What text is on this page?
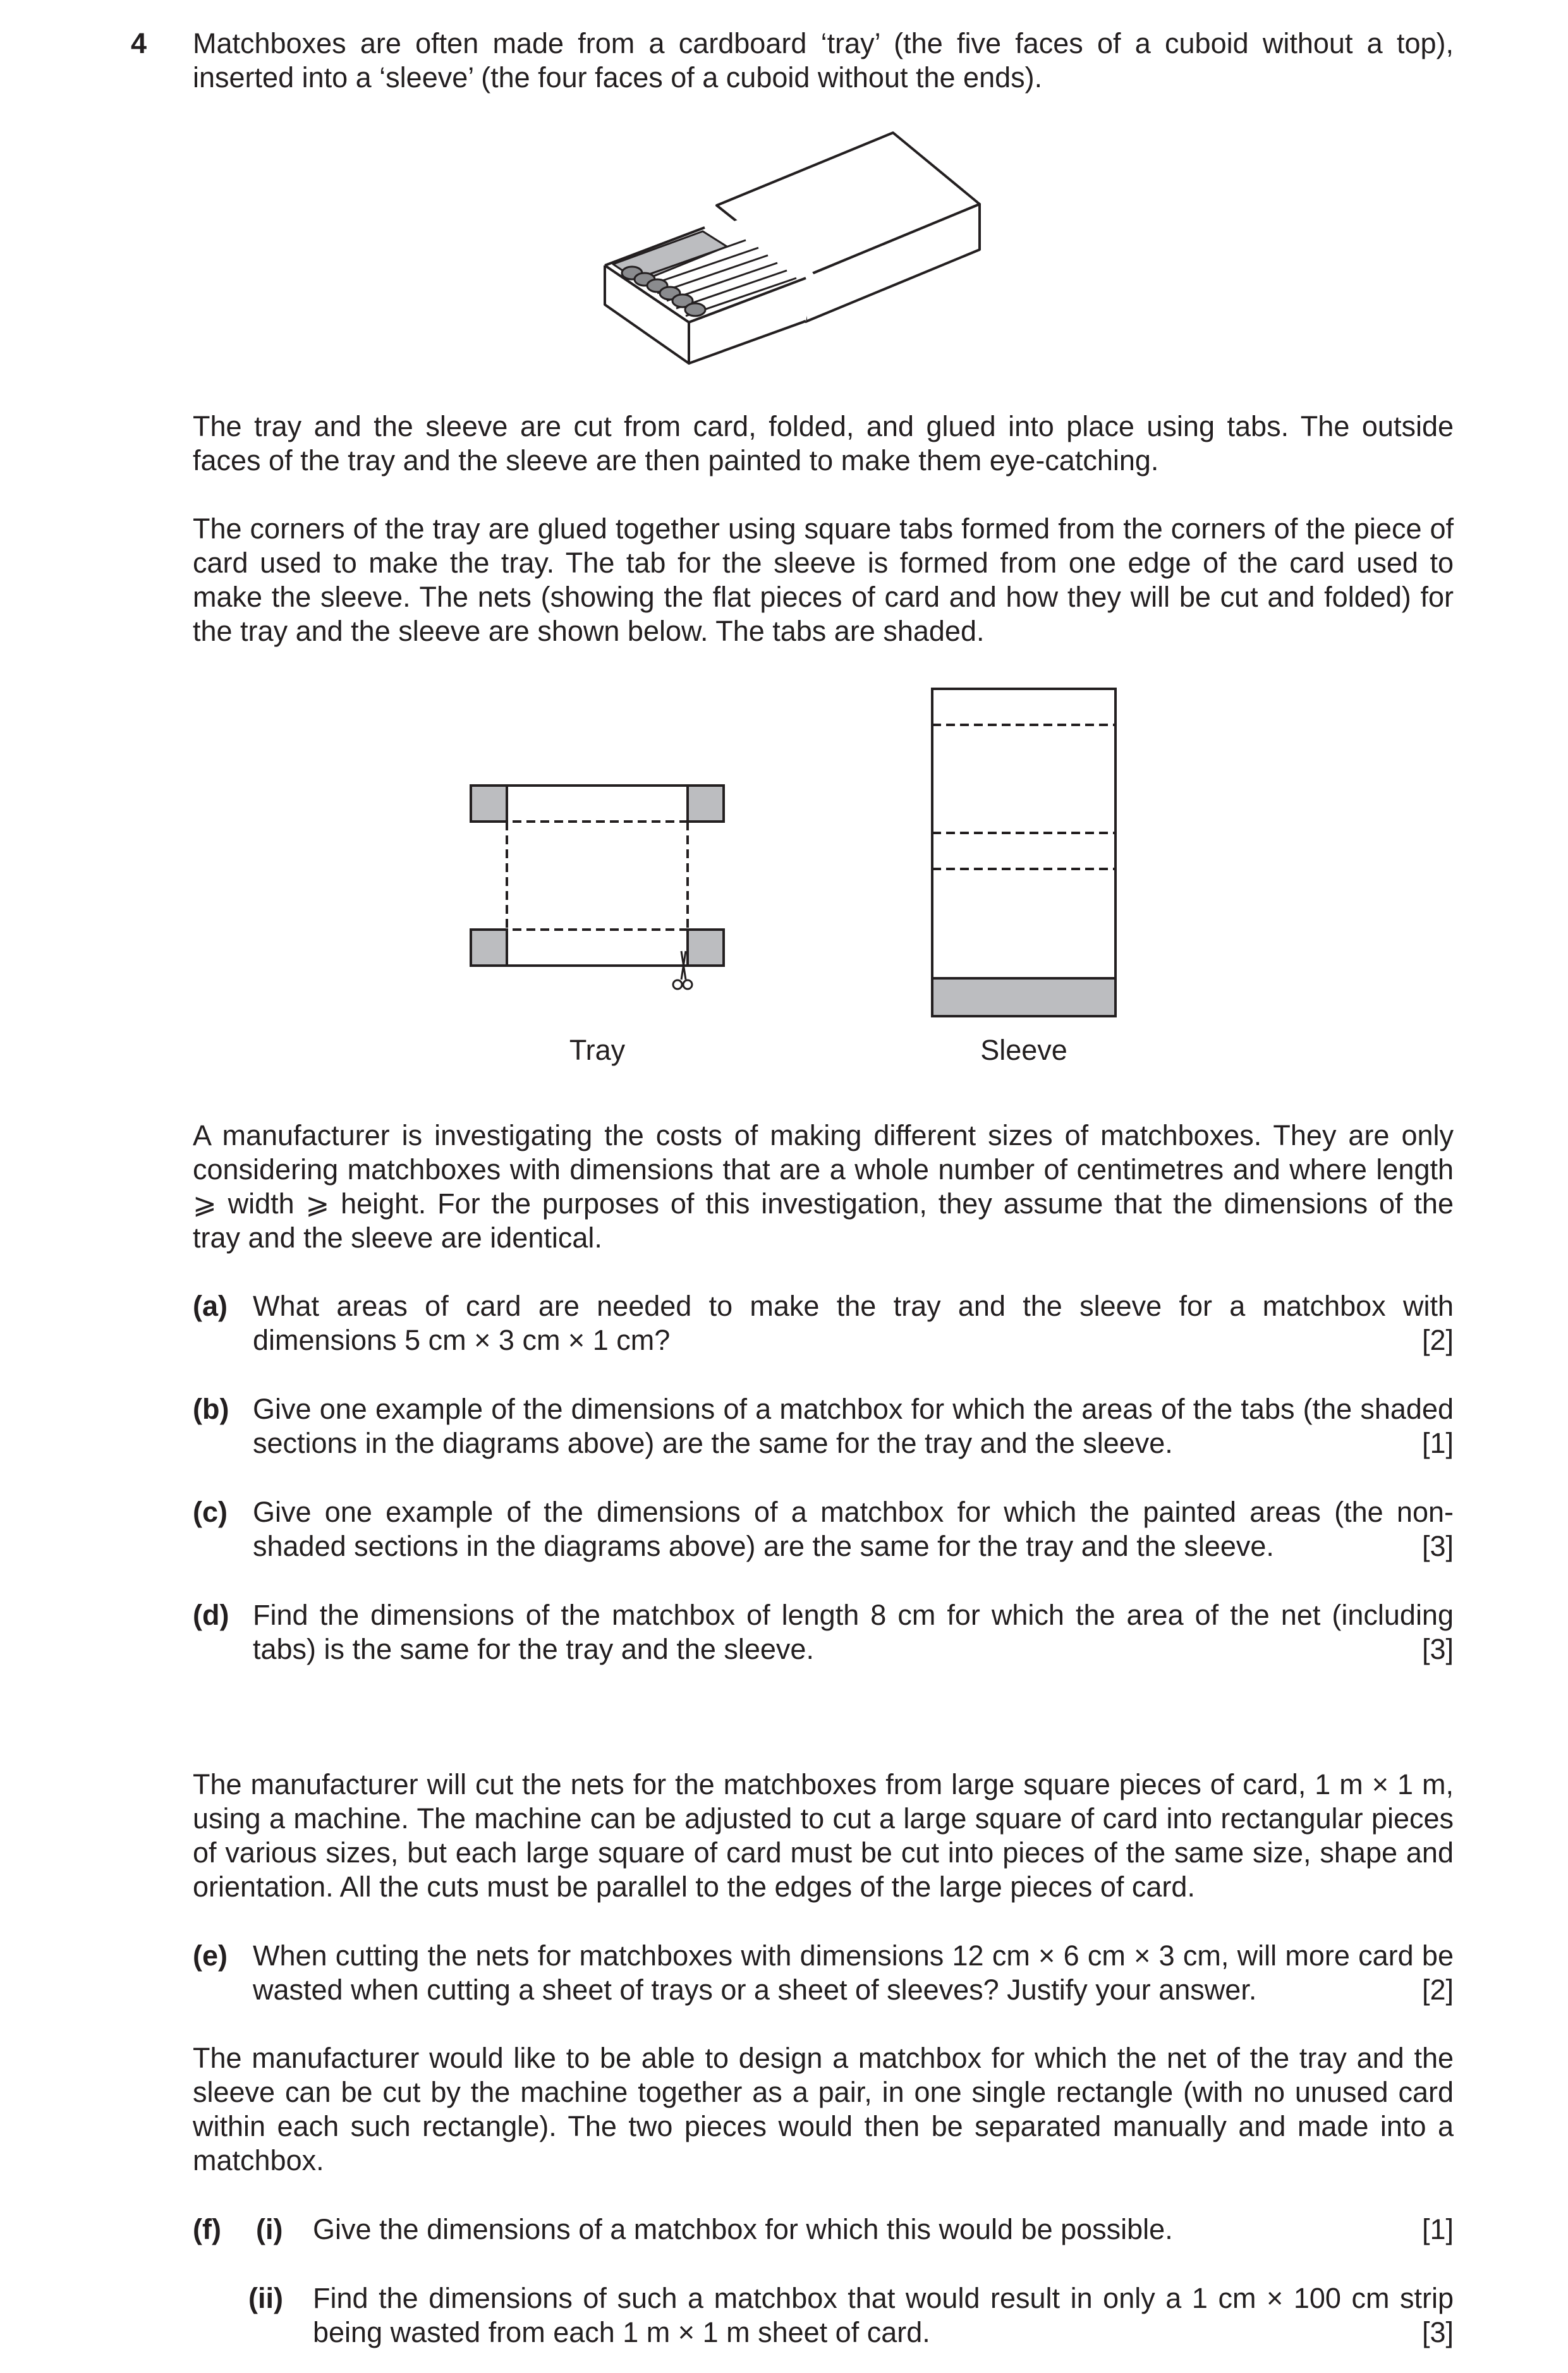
4 Matchboxes are often made from a cardboard ‘tray’ (the five faces of a cuboid without a top), inserted into a ‘sleeve’ (the four faces of a cuboid without the ends).

The tray and the sleeve are cut from card, folded, and glued into place using tabs. The outside faces of the tray and the sleeve are then painted to make them eye-catching.

The corners of the tray are glued together using square tabs formed from the corners of the piece of card used to make the tray. The tab for the sleeve is formed from one edge of the card used to make the sleeve. The nets (showing the flat pieces of card and how they will be cut and folded) for the tray and the sleeve are shown below. The tabs are shaded.

Tray	Sleeve

A manufacturer is investigating the costs of making different sizes of matchboxes. They are only considering matchboxes with dimensions that are a whole number of centimetres and where length ⩾ width ⩾ height. For the purposes of this investigation, they assume that the dimensions of the tray and the sleeve are identical.

(a) What areas of card are needed to make the tray and the sleeve for a matchbox with dimensions 5 cm × 3 cm × 1 cm?	[2]
(b) Give one example of the dimensions of a matchbox for which the areas of the tabs (the shaded sections in the diagrams above) are the same for the tray and the sleeve.	[1]
(c) Give one example of the dimensions of a matchbox for which the painted areas (the non-shaded sections in the diagrams above) are the same for the tray and the sleeve.	[3]
(d) Find the dimensions of the matchbox of length 8 cm for which the area of the net (including tabs) is the same for the tray and the sleeve.	[3]

The manufacturer will cut the nets for the matchboxes from large square pieces of card, 1 m × 1 m, using a machine. The machine can be adjusted to cut a large square of card into rectangular pieces of various sizes, but each large square of card must be cut into pieces of the same size, shape and orientation. All the cuts must be parallel to the edges of the large pieces of card.

(e) When cutting the nets for matchboxes with dimensions 12 cm × 6 cm × 3 cm, will more card be wasted when cutting a sheet of trays or a sheet of sleeves? Justify your answer.	[2]

The manufacturer would like to be able to design a matchbox for which the net of the tray and the sleeve can be cut by the machine together as a pair, in one single rectangle (with no unused card within each such rectangle). The two pieces would then be separated manually and made into a matchbox.

(f) (i) Give the dimensions of a matchbox for which this would be possible.	[1]
(ii) Find the dimensions of such a matchbox that would result in only a 1 cm × 100 cm strip being wasted from each 1 m × 1 m sheet of card.	[3]
